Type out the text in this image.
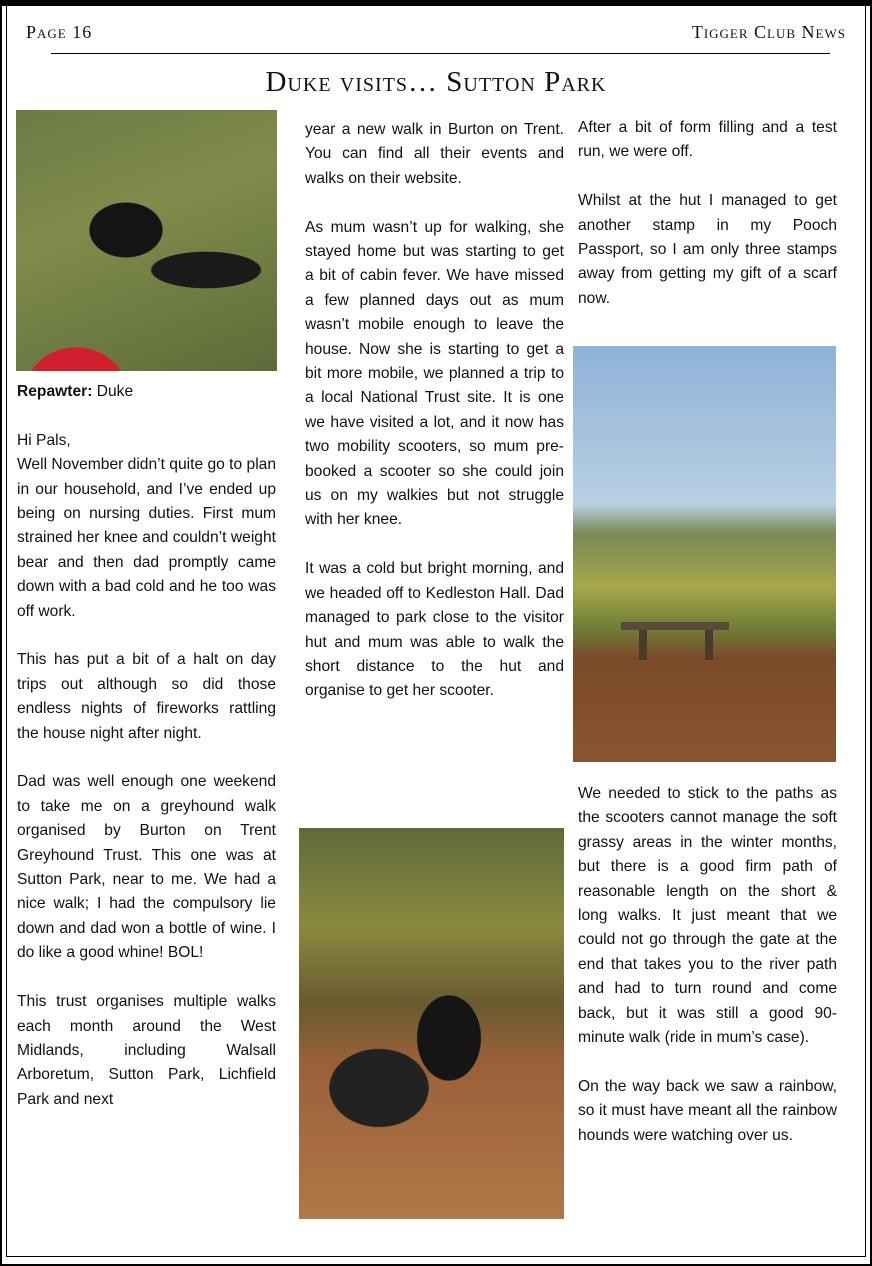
Page 16	Tigger Club News
Duke visits… Sutton Park

Repawter: Duke

Hi Pals,

Well November didn’t quite go to plan in our household, and I’ve ended up being on nursing duties. First mum strained her knee and couldn’t weight bear and then dad promptly came down with a bad cold and he too was off work.

This has put a bit of a halt on day trips out although so did those endless nights of fireworks rattling the house night after night.

Dad was well enough one weekend to take me on a greyhound walk organised by Burton on Trent Greyhound Trust. This one was at Sutton Park, near to me. We had a nice walk; I had the compulsory lie down and dad won a bottle of wine. I do like a good whine! BOL!

This trust organises multiple walks each month around the West Midlands, including Walsall Arboretum, Sutton Park, Lichfield Park and next

year a new walk in Burton on Trent. You can find all their events and walks on their website.

As mum wasn’t up for walking, she stayed home but was starting to get a bit of cabin fever. We have missed a few planned days out as mum wasn’t mobile enough to leave the house. Now she is starting to get a bit more mobile, we planned a trip to a local National Trust site. It is one we have visited a lot, and it now has two mobility scooters, so mum pre-booked a scooter so she could join us on my walkies but not struggle with her knee.

It was a cold but bright morning, and we headed off to Kedleston Hall. Dad managed to park close to the visitor hut and mum was able to walk the short distance to the hut and organise to get her scooter.

After a bit of form filling and a test run, we were off.

Whilst at the hut I managed to get another stamp in my Pooch Passport, so I am only three stamps away from getting my gift of a scarf now.

We needed to stick to the paths as the scooters cannot manage the soft grassy areas in the winter months, but there is a good firm path of reasonable length on the short & long walks. It just meant that we could not go through the gate at the end that takes you to the river path and had to turn round and come back, but it was still a good 90-minute walk (ride in mum’s case).

On the way back we saw a rainbow, so it must have meant all the rainbow hounds were watching over us.
